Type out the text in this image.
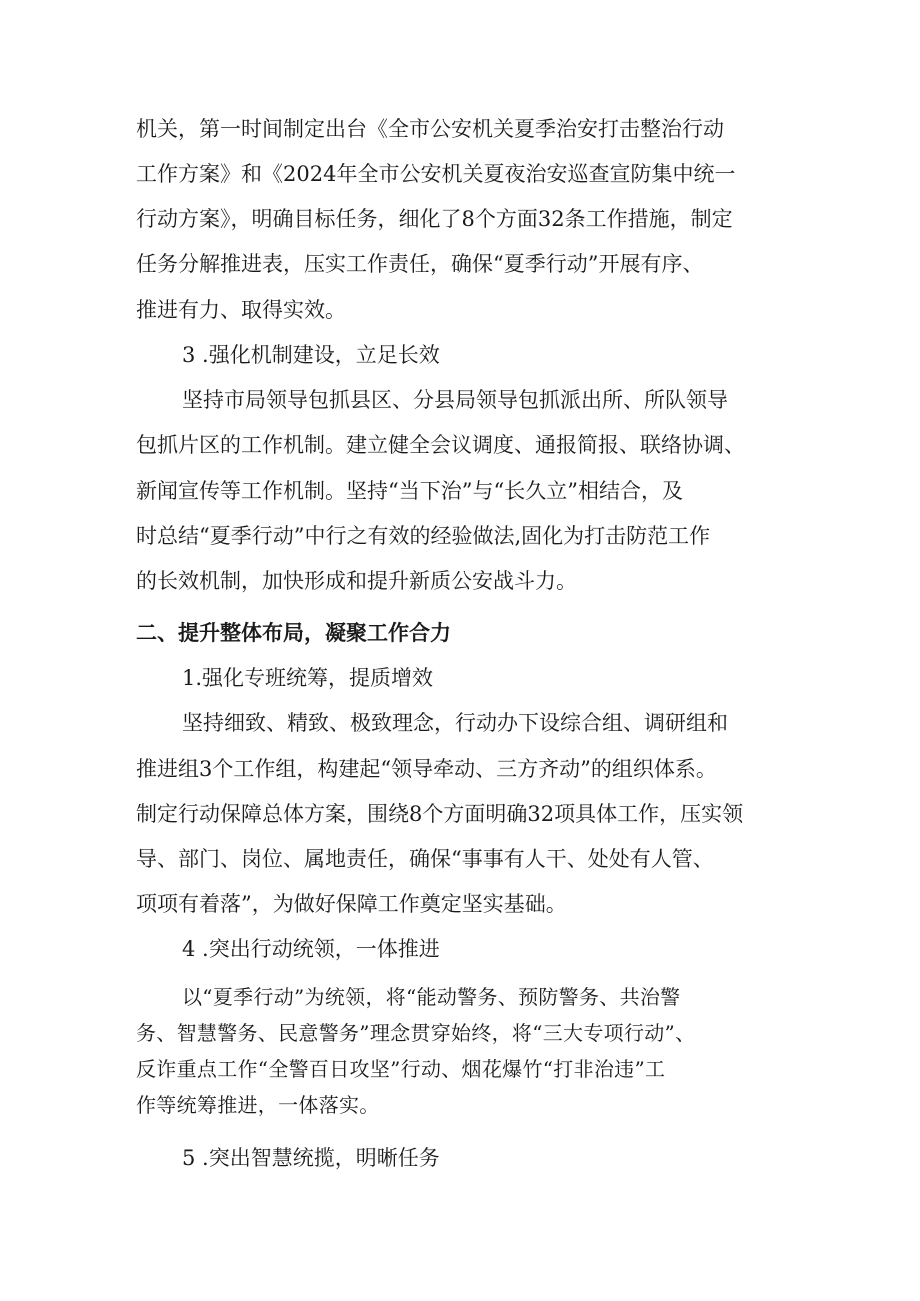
机关，第一时间制定出台《全市公安机关夏季治安打击整治行动
工作方案》和《2024年全市公安机关夏夜治安巡查宣防集中统一
行动方案》，明确目标任务，细化了8个方面32条工作措施，制定
任务分解推进表，压实工作责任，确保“夏季行动”开展有序、
推进有力、取得实效。
3 .强化机制建设，立足长效
坚持市局领导包抓县区、分县局领导包抓派出所、所队领导
包抓片区的工作机制。建立健全会议调度、通报简报、联络协调、
新闻宣传等工作机制。坚持“当下治”与“长久立”相结合，及
时总结“夏季行动”中行之有效的经验做法,固化为打击防范工作
的长效机制，加快形成和提升新质公安战斗力。
二、提升整体布局，凝聚工作合力
1.强化专班统筹，提质增效
坚持细致、精致、极致理念，行动办下设综合组、调研组和
推进组3个工作组，构建起“领导牵动、三方齐动”的组织体系。
制定行动保障总体方案，围绕8个方面明确32项具体工作，压实领
导、部门、岗位、属地责任，确保“事事有人干、处处有人管、
项项有着落”，为做好保障工作奠定坚实基础。
4 .突出行动统领，一体推进
以“夏季行动”为统领，将“能动警务、预防警务、共治警
务、智慧警务、民意警务”理念贯穿始终，将“三大专项行动”、
反诈重点工作“全警百日攻坚”行动、烟花爆竹“打非治违”工
作等统筹推进，一体落实。
5 .突出智慧统揽，明晰任务
